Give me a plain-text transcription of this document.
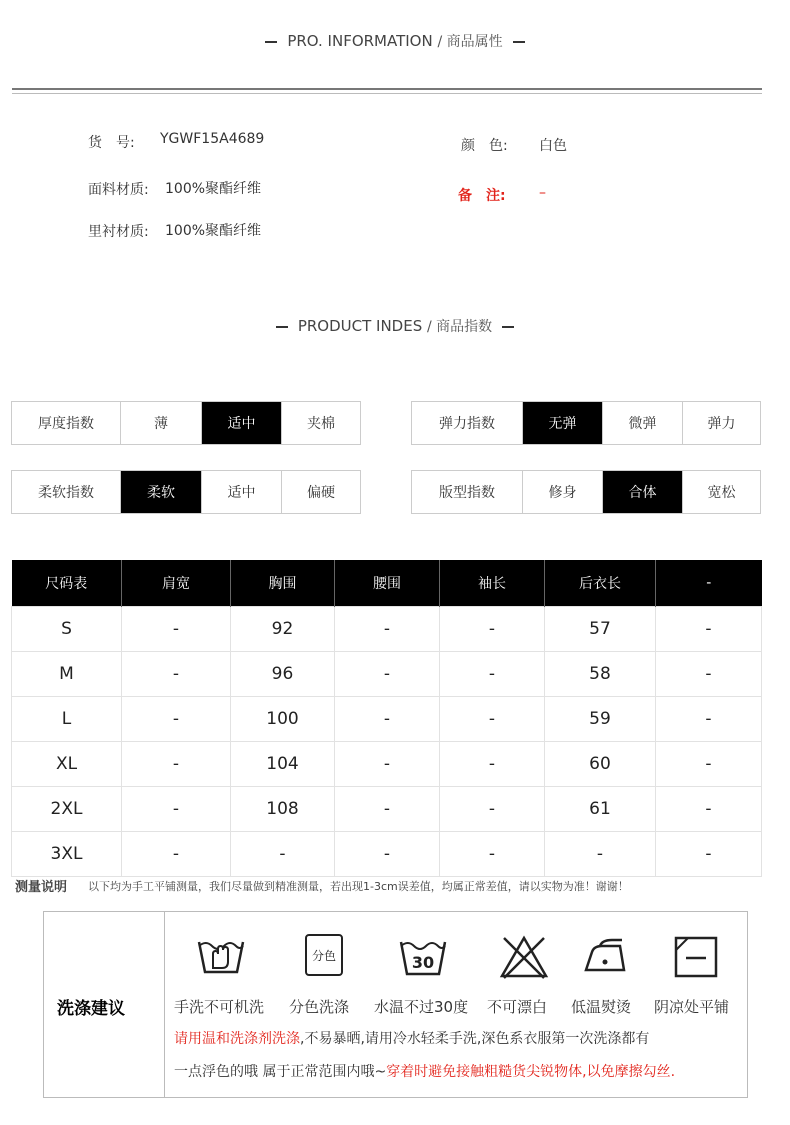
PRO. INFORMATION / 商品属性
货　号: YGWF15A4689	颜　色: 白色
面料材质: 100%聚酯纤维	备　注: –
里衬材质: 100%聚酯纤维
PRODUCT INDES / 商品指数
厚度指数	薄	适中	夹棉	弹力指数	无弹	微弹	弹力
柔软指数	柔软	适中	偏硬	版型指数	修身	合体	宽松
尺码表	肩宽	胸围	腰围	袖长	后衣长	-
S	-	92	-	-	57	-
M	-	96	-	-	58	-
L	-	100	-	-	59	-
XL	-	104	-	-	60	-
2XL	-	108	-	-	61	-
3XL	-	-	-	-	-	-
测量说明 以下均为手工平铺测量，我们尽量做到精准测量，若出现1-3cm误差值，均属正常差值，请以实物为准！谢谢！
洗涤建议
分色	30
手洗不可机洗 分色洗涤 水温不过30度 不可漂白 低温熨烫 阴凉处平铺
请用温和洗涤剂洗涤,不易暴晒,请用冷水轻柔手洗,深色系衣服第一次洗涤都有
一点浮色的哦 属于正常范围内哦~穿着时避免接触粗糙货尖锐物体,以免摩擦勾丝.
